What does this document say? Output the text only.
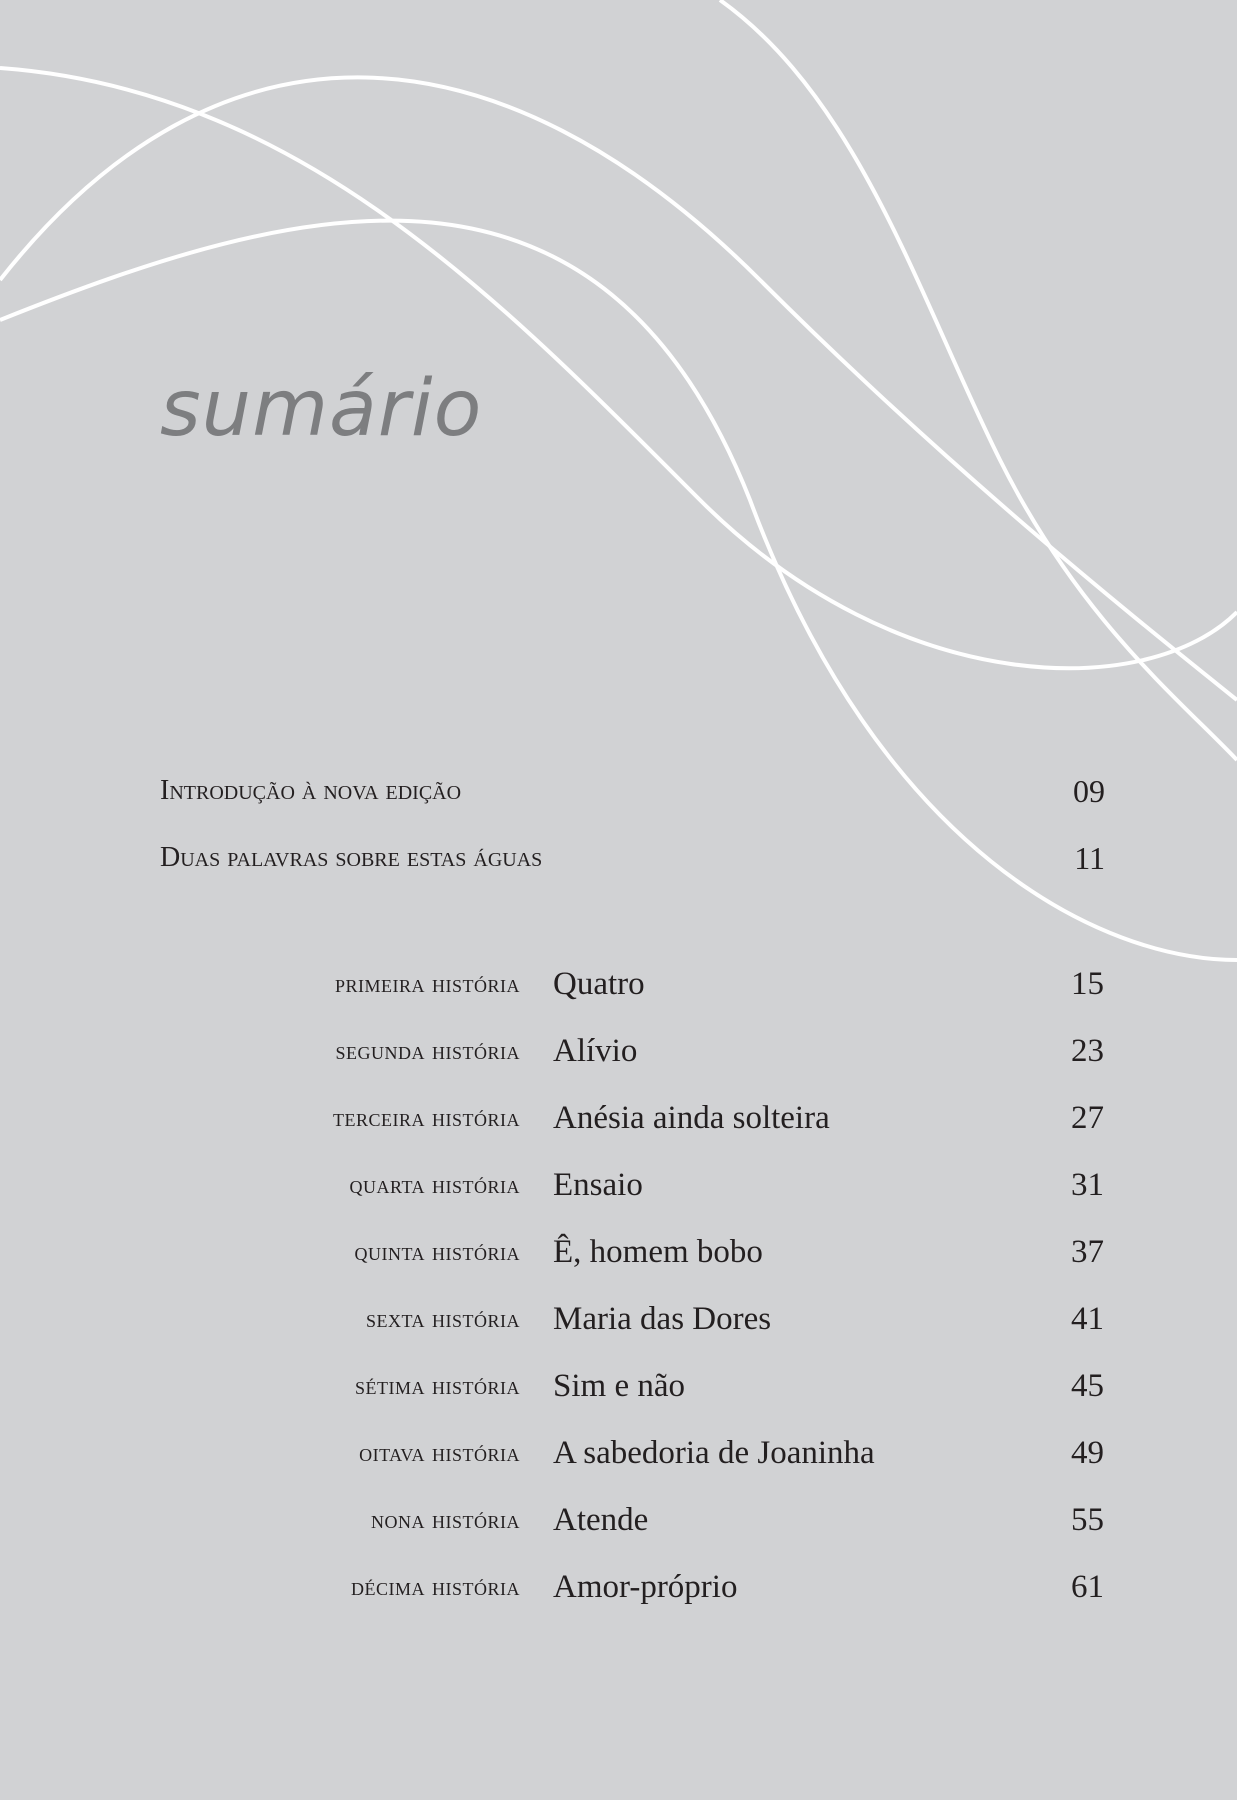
sumário
Introdução à nova edição	09
Duas palavras sobre estas águas	11
primeira história Quatro	15
segunda história Alívio	23
terceira história Anésia ainda solteira	27
quarta história Ensaio	31
quinta história Ê, homem bobo	37
sexta história Maria das Dores	41
sétima história Sim e não	45
oitava história A sabedoria de Joaninha	49
nona história Atende	55
décima história Amor-próprio	61
